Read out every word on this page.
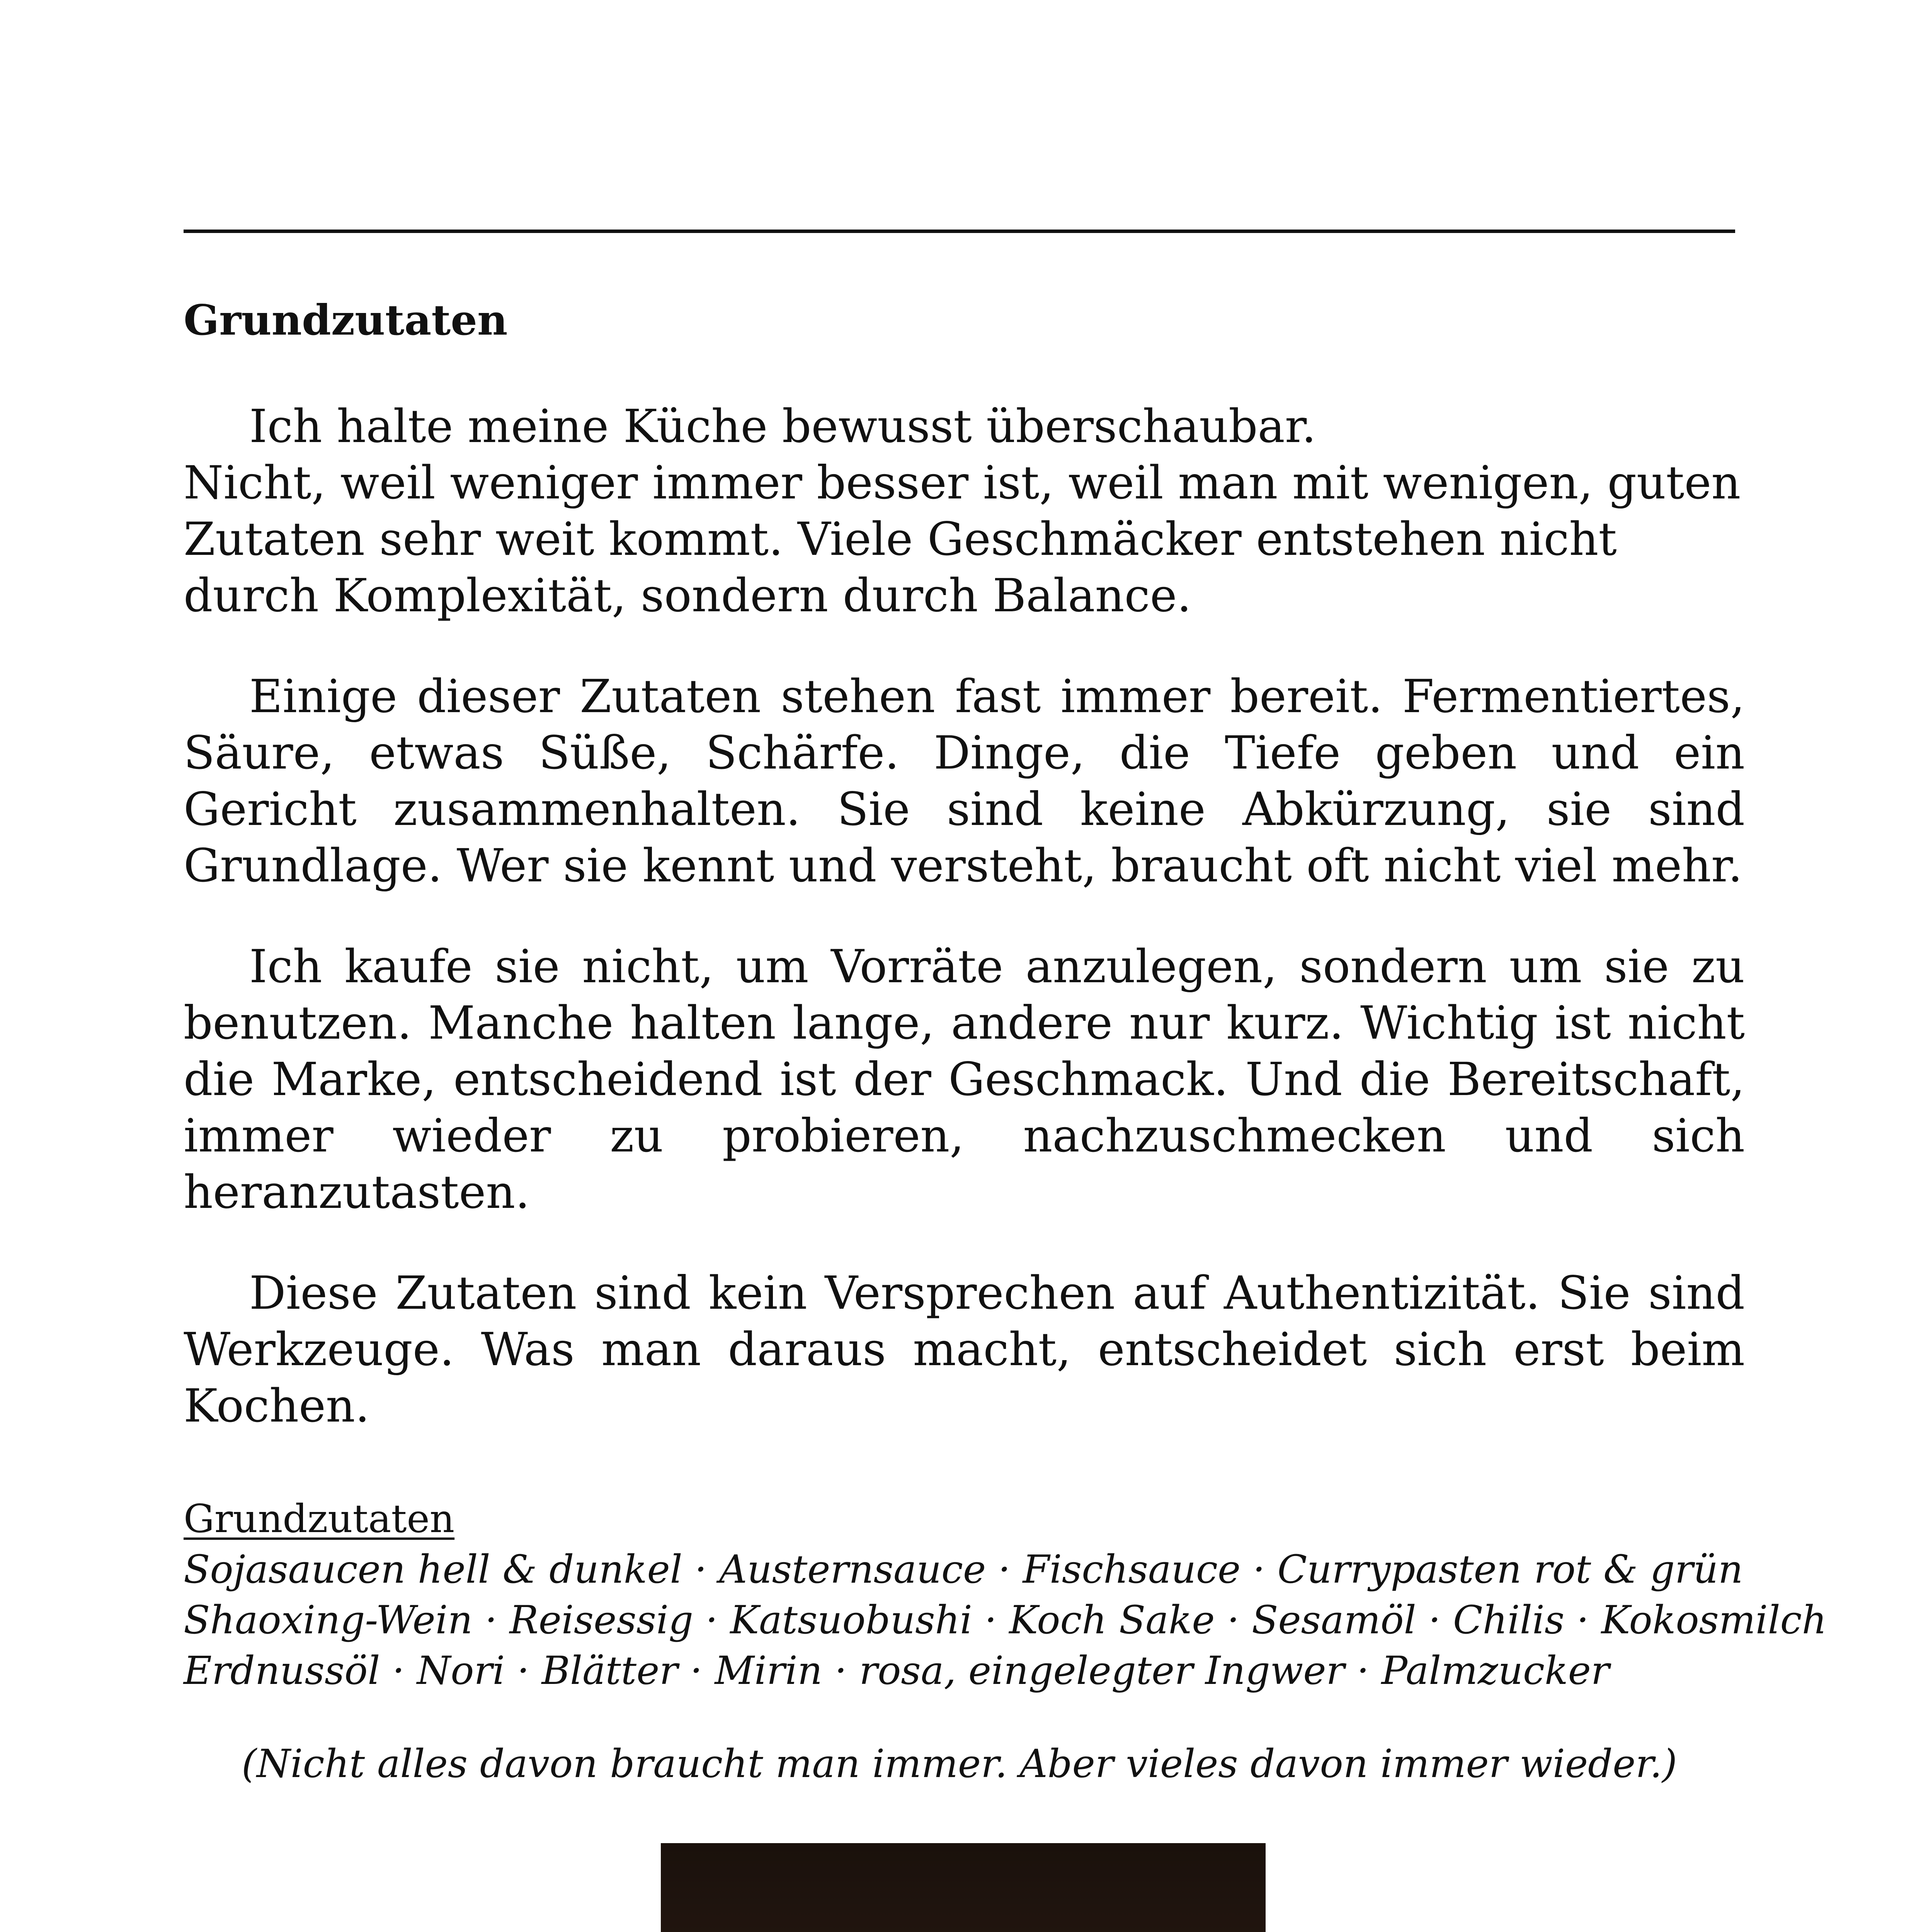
Grundzutaten

Ich halte meine Küche bewusst überschaubar.
Nicht, weil weniger immer besser ist, weil man mit wenigen, guten Zutaten sehr weit kommt. Viele Geschmäcker entstehen nicht durch Komplexität, sondern durch Balance.

Einige dieser Zutaten stehen fast immer bereit. Fermentiertes, Säure, etwas Süße, Schärfe. Dinge, die Tiefe geben und ein Gericht zusammenhalten. Sie sind keine Abkürzung, sie sind Grundlage. Wer sie kennt und versteht, braucht oft nicht viel mehr.

Ich kaufe sie nicht, um Vorräte anzulegen, sondern um sie zu benutzen. Manche halten lange, andere nur kurz. Wichtig ist nicht die Marke, entscheidend ist der Geschmack. Und die Bereitschaft, immer wieder zu probieren, nachzuschmecken und sich heranzutasten.

Diese Zutaten sind kein Versprechen auf Authentizität. Sie sind Werkzeuge. Was man daraus macht, entscheidet sich erst beim Kochen.

Grundzutaten
Sojasaucen hell & dunkel · Austernsauce · Fischsauce · Currypasten rot & grün
Shaoxing-Wein · Reisessig · Katsuobushi · Koch Sake · Sesamöl · Chilis · Kokosmilch
Erdnussöl · Nori · Blätter · Mirin · rosa, eingelegter Ingwer · Palmzucker
(Nicht alles davon braucht man immer. Aber vieles davon immer wieder.)
